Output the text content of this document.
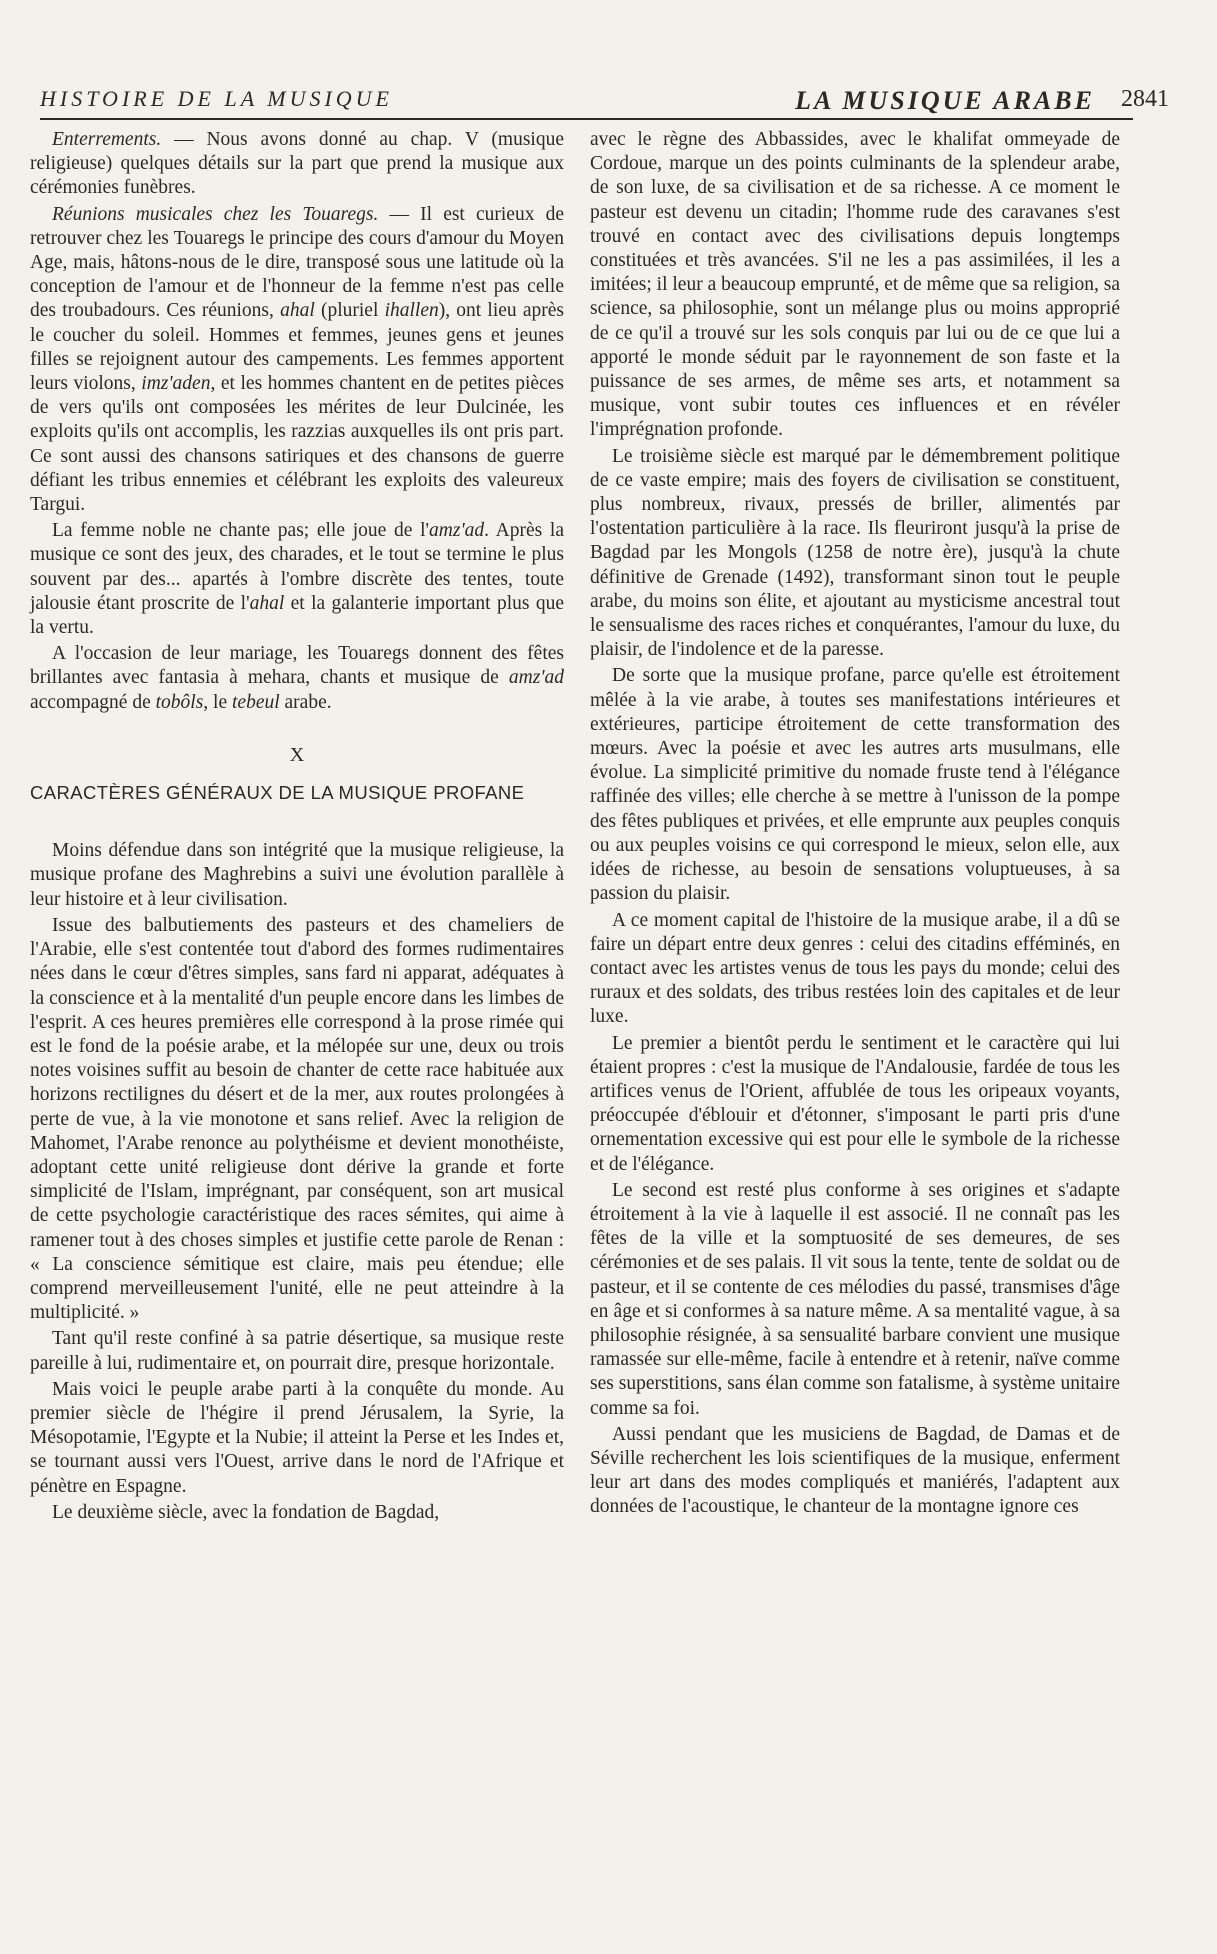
HISTOIRE DE LA MUSIQUE	LA MUSIQUE ARABE 2841

Enterrements. — Nous avons donné au chap. V (musique religieuse) quelques détails sur la part que prend la musique aux cérémonies funèbres.

Réunions musicales chez les Touaregs. — Il est curieux de retrouver chez les Touaregs le principe des cours d'amour du Moyen Age, mais, hâtons-nous de le dire, transposé sous une latitude où la conception de l'amour et de l'honneur de la femme n'est pas celle des troubadours. Ces réunions, ahal (pluriel ihallen), ont lieu après le coucher du soleil. Hommes et femmes, jeunes gens et jeunes filles se rejoignent autour des campements. Les femmes apportent leurs violons, imz'aden, et les hommes chantent en de petites pièces de vers qu'ils ont composées les mérites de leur Dulcinée, les exploits qu'ils ont accomplis, les razzias auxquelles ils ont pris part. Ce sont aussi des chansons satiriques et des chansons de guerre défiant les tribus ennemies et célébrant les exploits des valeureux Targui.

La femme noble ne chante pas; elle joue de l'amz'ad. Après la musique ce sont des jeux, des charades, et le tout se termine le plus souvent par des... apartés à l'ombre discrète des tentes, toute jalousie étant proscrite de l'ahal et la galanterie important plus que la vertu.

A l'occasion de leur mariage, les Touaregs donnent des fêtes brillantes avec fantasia à mehara, chants et musique de amz'ad accompagné de tobôls, le tebeul arabe.

X
CARACTÈRES GÉNÉRAUX DE LA MUSIQUE PROFANE

Moins défendue dans son intégrité que la musique religieuse, la musique profane des Maghrebins a suivi une évolution parallèle à leur histoire et à leur civilisation.

Issue des balbutiements des pasteurs et des chameliers de l'Arabie, elle s'est contentée tout d'abord des formes rudimentaires nées dans le cœur d'êtres simples, sans fard ni apparat, adéquates à la conscience et à la mentalité d'un peuple encore dans les limbes de l'esprit. A ces heures premières elle correspond à la prose rimée qui est le fond de la poésie arabe, et la mélopée sur une, deux ou trois notes voisines suffit au besoin de chanter de cette race habituée aux horizons rectilignes du désert et de la mer, aux routes prolongées à perte de vue, à la vie monotone et sans relief. Avec la religion de Mahomet, l'Arabe renonce au polythéisme et devient monothéiste, adoptant cette unité religieuse dont dérive la grande et forte simplicité de l'Islam, imprégnant, par conséquent, son art musical de cette psychologie caractéristique des races sémites, qui aime à ramener tout à des choses simples et justifie cette parole de Renan : « La conscience sémitique est claire, mais peu étendue; elle comprend merveilleusement l'unité, elle ne peut atteindre à la multiplicité. »

Tant qu'il reste confiné à sa patrie désertique, sa musique reste pareille à lui, rudimentaire et, on pourrait dire, presque horizontale.

Mais voici le peuple arabe parti à la conquête du monde. Au premier siècle de l'hégire il prend Jérusalem, la Syrie, la Mésopotamie, l'Egypte et la Nubie; il atteint la Perse et les Indes et, se tournant aussi vers l'Ouest, arrive dans le nord de l'Afrique et pénètre en Espagne.

Le deuxième siècle, avec la fondation de Bagdad,

avec le règne des Abbassides, avec le khalifat ommeyade de Cordoue, marque un des points culminants de la splendeur arabe, de son luxe, de sa civilisation et de sa richesse. A ce moment le pasteur est devenu un citadin; l'homme rude des caravanes s'est trouvé en contact avec des civilisations depuis longtemps constituées et très avancées. S'il ne les a pas assimilées, il les a imitées; il leur a beaucoup emprunté, et de même que sa religion, sa science, sa philosophie, sont un mélange plus ou moins approprié de ce qu'il a trouvé sur les sols conquis par lui ou de ce que lui a apporté le monde séduit par le rayonnement de son faste et la puissance de ses armes, de même ses arts, et notamment sa musique, vont subir toutes ces influences et en révéler l'imprégnation profonde.

Le troisième siècle est marqué par le démembrement politique de ce vaste empire; mais des foyers de civilisation se constituent, plus nombreux, rivaux, pressés de briller, alimentés par l'ostentation particulière à la race. Ils fleuriront jusqu'à la prise de Bagdad par les Mongols (1258 de notre ère), jusqu'à la chute définitive de Grenade (1492), transformant sinon tout le peuple arabe, du moins son élite, et ajoutant au mysticisme ancestral tout le sensualisme des races riches et conquérantes, l'amour du luxe, du plaisir, de l'indolence et de la paresse.

De sorte que la musique profane, parce qu'elle est étroitement mêlée à la vie arabe, à toutes ses manifestations intérieures et extérieures, participe étroitement de cette transformation des mœurs. Avec la poésie et avec les autres arts musulmans, elle évolue. La simplicité primitive du nomade fruste tend à l'élégance raffinée des villes; elle cherche à se mettre à l'unisson de la pompe des fêtes publiques et privées, et elle emprunte aux peuples conquis ou aux peuples voisins ce qui correspond le mieux, selon elle, aux idées de richesse, au besoin de sensations voluptueuses, à sa passion du plaisir.

A ce moment capital de l'histoire de la musique arabe, il a dû se faire un départ entre deux genres : celui des citadins efféminés, en contact avec les artistes venus de tous les pays du monde; celui des ruraux et des soldats, des tribus restées loin des capitales et de leur luxe.

Le premier a bientôt perdu le sentiment et le caractère qui lui étaient propres : c'est la musique de l'Andalousie, fardée de tous les artifices venus de l'Orient, affublée de tous les oripeaux voyants, préoccupée d'éblouir et d'étonner, s'imposant le parti pris d'une ornementation excessive qui est pour elle le symbole de la richesse et de l'élégance.

Le second est resté plus conforme à ses origines et s'adapte étroitement à la vie à laquelle il est associé. Il ne connaît pas les fêtes de la ville et la somptuosité de ses demeures, de ses cérémonies et de ses palais. Il vit sous la tente, tente de soldat ou de pasteur, et il se contente de ces mélodies du passé, transmises d'âge en âge et si conformes à sa nature même. A sa mentalité vague, à sa philosophie résignée, à sa sensualité barbare convient une musique ramassée sur elle-même, facile à entendre et à retenir, naïve comme ses superstitions, sans élan comme son fatalisme, à système unitaire comme sa foi.

Aussi pendant que les musiciens de Bagdad, de Damas et de Séville recherchent les lois scientifiques de la musique, enferment leur art dans des modes compliqués et maniérés, l'adaptent aux données de l'acoustique, le chanteur de la montagne ignore ces
